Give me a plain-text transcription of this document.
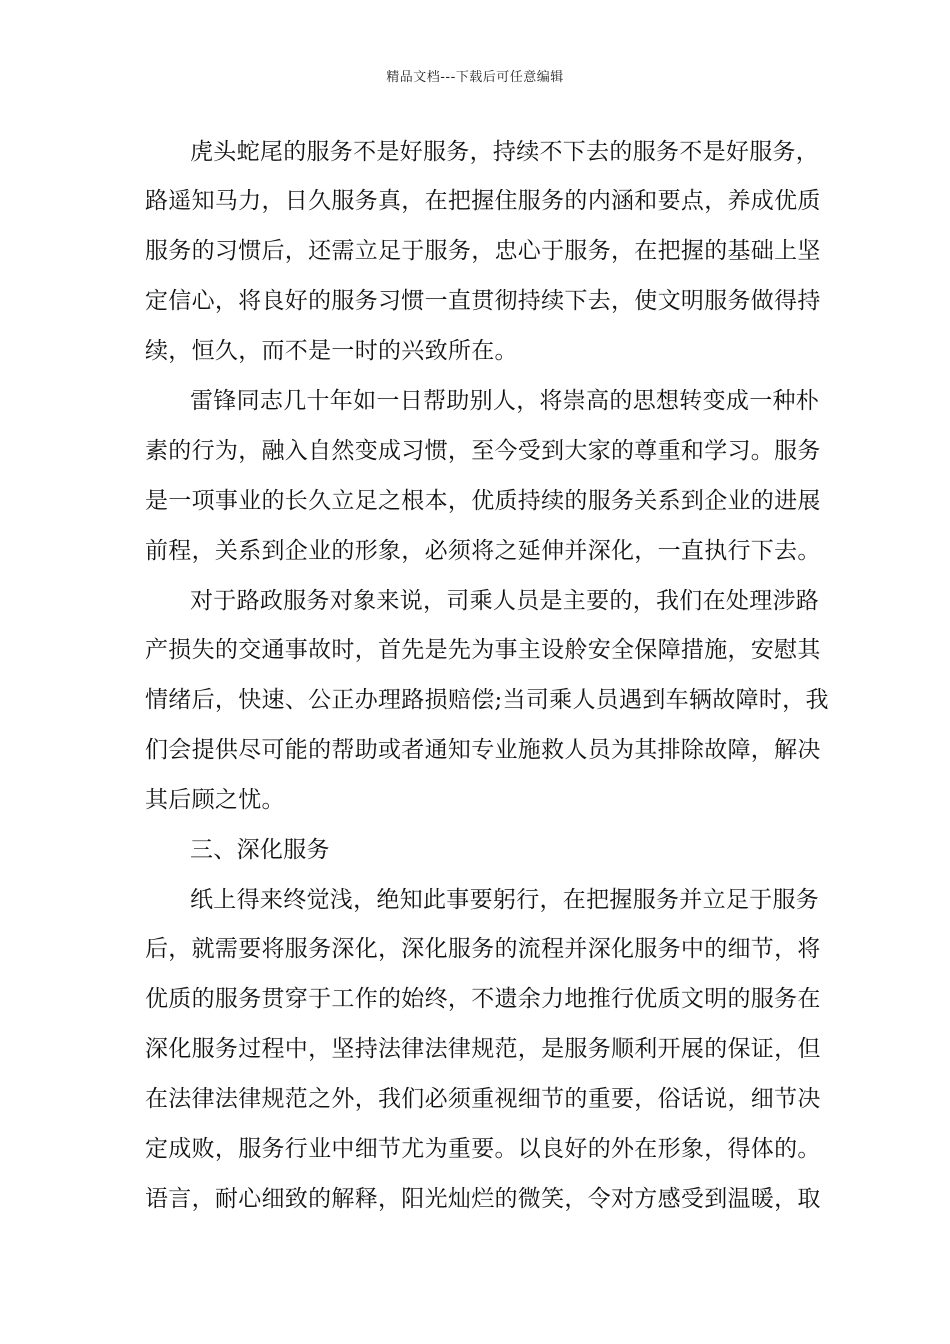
精品文档---下载后可任意编辑
虎头蛇尾的服务不是好服务，持续不下去的服务不是好服务，
路遥知马力，日久服务真，在把握住服务的内涵和要点，养成优质
服务的习惯后，还需立足于服务，忠心于服务，在把握的基础上坚
定信心，将良好的服务习惯一直贯彻持续下去，使文明服务做得持
续，恒久，而不是一时的兴致所在。
雷锋同志几十年如一日帮助别人，将崇高的思想转变成一种朴
素的行为，融入自然变成习惯，至今受到大家的尊重和学习。服务
是一项事业的长久立足之根本，优质持续的服务关系到企业的进展
前程，关系到企业的形象，必须将之延伸并深化，一直执行下去。
对于路政服务对象来说，司乘人员是主要的，我们在处理涉路
产损失的交通事故时，首先是先为事主设舲安全保障措施，安慰其
情绪后，快速、公正办理路损赔偿;当司乘人员遇到车辆故障时，我
们会提供尽可能的帮助或者通知专业施救人员为其排除故障，解决
其后顾之忧。
三、深化服务
纸上得来终觉浅，绝知此事要躬行，在把握服务并立足于服务
后，就需要将服务深化，深化服务的流程并深化服务中的细节，将
优质的服务贯穿于工作的始终，不遗余力地推行优质文明的服务在
深化服务过程中，坚持法律法律规范，是服务顺利开展的保证，但
在法律法律规范之外，我们必须重视细节的重要，俗话说，细节决
定成败，服务行业中细节尤为重要。以良好的外在形象，得体的。
语言，耐心细致的解释，阳光灿烂的微笑，令对方感受到温暖，取
